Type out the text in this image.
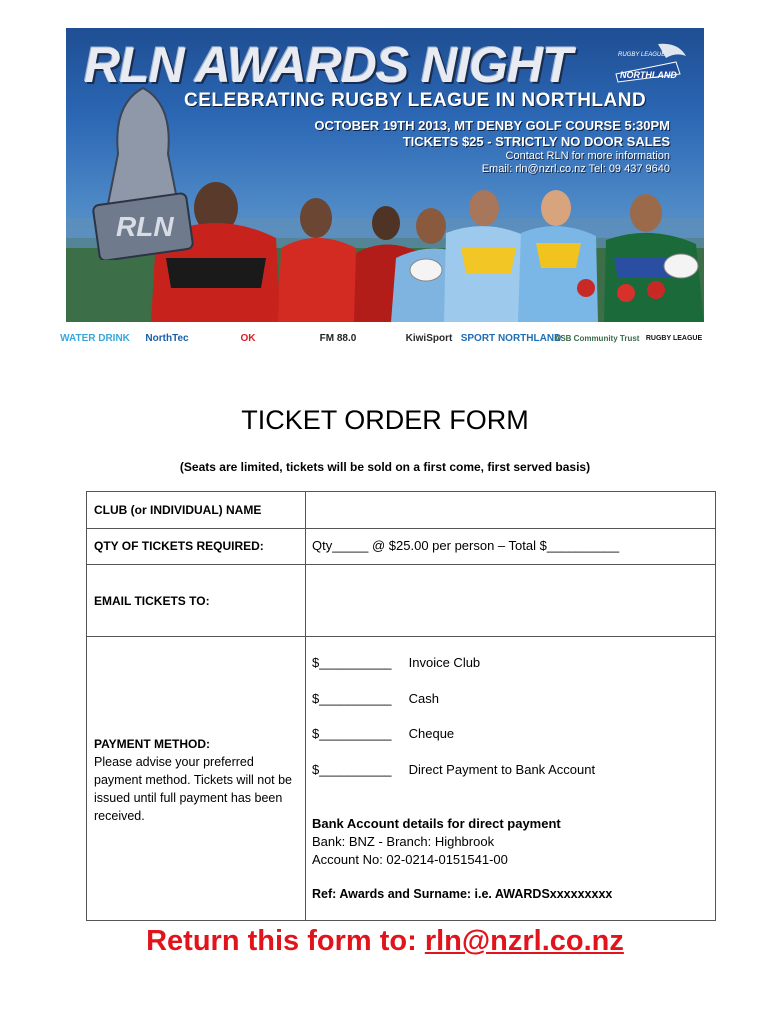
RLN
RLN AWARDS NIGHT	RUGBY LEAGUE
NORTHLAND
CELEBRATING RUGBY LEAGUE IN NORTHLAND
OCTOBER 19TH 2013, MT DENBY GOLF COURSE 5:30PM
TICKETS $25 - STRICTLY NO DOOR SALES
Contact RLN for more information
Email: rln@nzrl.co.nz Tel: 09 437 9640
WATER DRINK NorthTec	OK	FM 88.0	KiwiSport SPORT NORTHLAND
ASB Community Trust RUGBY LEAGUE
TICKET ORDER FORM
(Seats are limited, tickets will be sold on a first come, first served basis)
CLUB (or INDIVIDUAL) NAME
QTY OF TICKETS REQUIRED:	Qty_____ @ $25.00 per person – Total $__________
EMAIL TICKETS TO:
PAYMENT METHOD:
Please advise your preferred payment method. Tickets will not be issued until full payment has been received.
$__________ Invoice Club
$__________ Cash
$__________ Cheque
$__________ Direct Payment to Bank Account
Bank Account details for direct payment
Bank: BNZ - Branch: Highbrook
Account No: 02-0214-0151541-00
Ref: Awards and Surname: i.e. AWARDSxxxxxxxxx
Return this form to: rln@nzrl.co.nz
